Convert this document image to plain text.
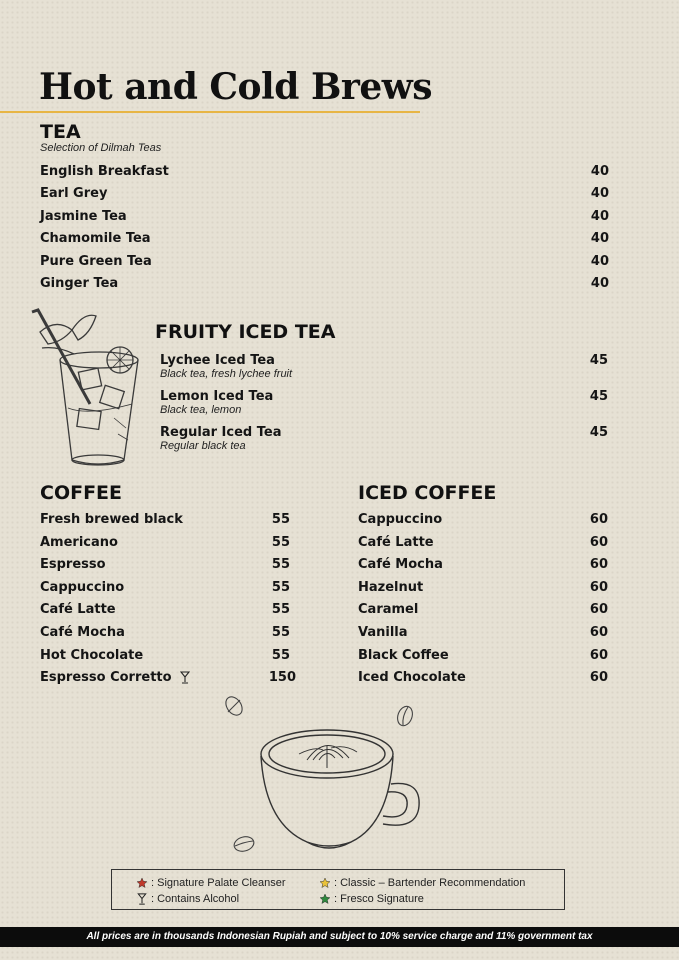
Hot and Cold Brews
TEA
Selection of Dilmah Teas
English Breakfast	40
Earl Grey	40
Jasmine Tea	40
Chamomile Tea	40
Pure Green Tea	40
Ginger Tea	40
FRUITY ICED TEA
Lychee Iced Tea	45
Black tea, fresh lychee fruit
Lemon Iced Tea	45
Black tea, lemon
Regular Iced Tea	45
Regular black tea
COFFEE
Fresh brewed black	55
Americano	55
Espresso	55
Cappuccino	55
Café Latte	55
Café Mocha	55
Hot Chocolate	55
Espresso Corretto	150
ICED COFFEE
Cappuccino	60
Café Latte	60
Café Mocha	60
Hazelnut	60
Caramel	60
Vanilla	60
Black Coffee	60
Iced Chocolate	60
: Signature Palate Cleanser
: Contains Alcohol
: Classic – Bartender Recommendation
: Fresco Signature
All prices are in thousands Indonesian Rupiah and subject to 10% service charge and 11% government tax
